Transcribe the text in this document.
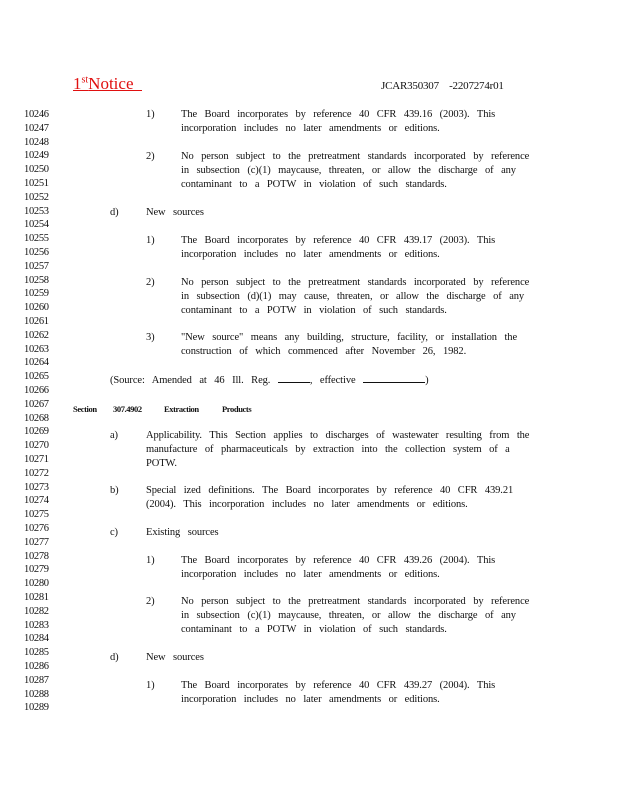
1stNotice	JCAR350307    -2207274r01
10246
10247
10248
10249
10250
10251
10252
10253
10254
10255
10256
10257
10258
10259
10260
10261
10262
10263
10264
10265
10266
10267
10268
10269
10270
10271
10272
10273
10274
10275
10276
10277
10278
10279
10280
10281
10282
10283
10284
10285
10286
10287
10288
10289
1)	The Board incorporates by reference 40 CFR 439.16 (2003). This
incorporation includes no later amendments or editions.
2)	No person subject to the pretreatment standards incorporated by reference
in subsection (c)(1) maycause, threaten, or allow the discharge of any
contaminant to a POTW in violation of such standards.
d)	New sources
1)	The Board incorporates by reference 40 CFR 439.17 (2003). This
incorporation includes no later amendments or editions.
2)	No person subject to the pretreatment standards incorporated by reference
in subsection (d)(1) may cause, threaten, or allow the discharge of any
contaminant to a POTW in violation of such standards.
3)	"New source" means any building, structure, facility, or installation the
construction of which commenced after November 26, 1982.
(Source: Amended at 46 Ill. Reg.	, effective	)
Section 307.4902	Extraction	Products
a)	Applicability. This Section applies to discharges of wastewater resulting from the
manufacture of pharmaceuticals by extraction into the collection system of a
POTW.
b)	Special ized definitions. The Board incorporates by reference 40 CFR 439.21
(2004). This incorporation includes no later amendments or editions.
c)	Existing sources
1)	The Board incorporates by reference 40 CFR 439.26 (2004). This
incorporation includes no later amendments or editions.
2)	No person subject to the pretreatment standards incorporated by reference
in subsection (c)(1) maycause, threaten, or allow the discharge of any
contaminant to a POTW in violation of such standards.
d)	New sources
1)	The Board incorporates by reference 40 CFR 439.27 (2004). This
incorporation includes no later amendments or editions.
